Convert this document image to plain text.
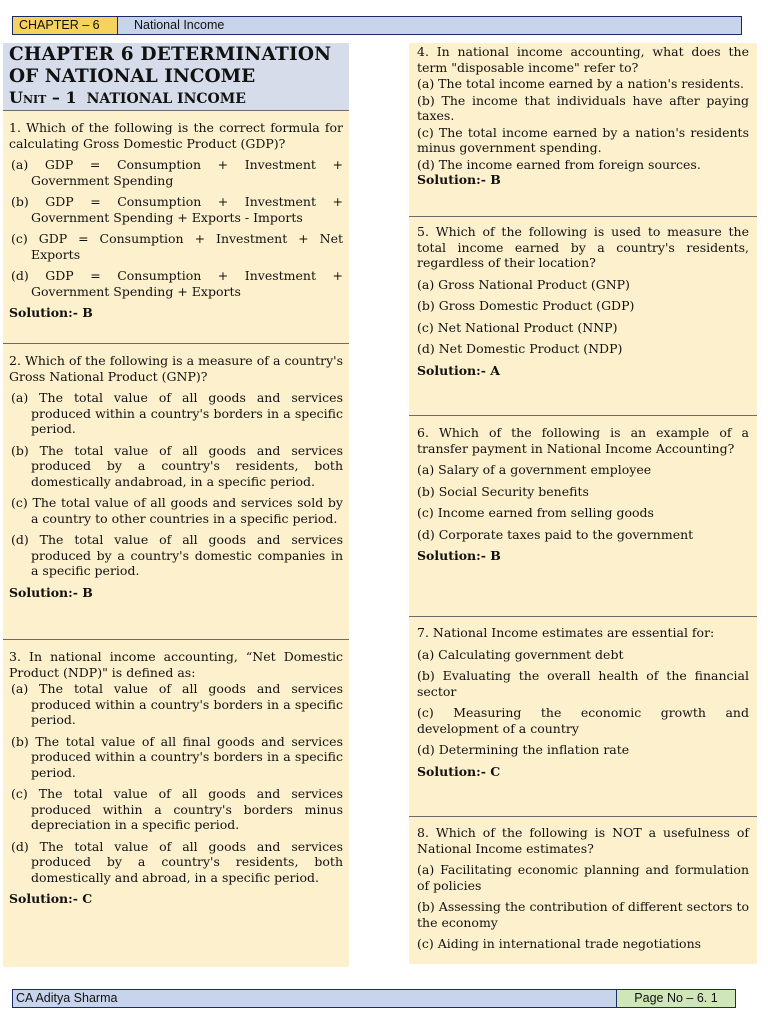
CHAPTER – 6	National Income
CHAPTER 6 DETERMINATION
OF NATIONAL INCOME
Unit – 1 NATIONAL INCOME

1. Which of the following is the correct formula for calculating Gross Domestic Product (GDP)?

(a) GDP = Consumption + Investment + Government Spending

(b) GDP = Consumption + Investment + Government Spending + Exports - Imports

(c) GDP = Consumption + Investment + Net Exports

(d) GDP = Consumption + Investment + Government Spending + Exports

Solution:- B

2. Which of the following is a measure of a country's Gross National Product (GNP)?

(a) The total value of all goods and services produced within a country's borders in a specific period.

(b) The total value of all goods and services produced by a country's residents, both domestically andabroad, in a specific period.

(c) The total value of all goods and services sold by a country to other countries in a specific period.

(d) The total value of all goods and services produced by a country's domestic companies in a specific period.

Solution:- B

3. In national income accounting, “Net Domestic Product (NDP)" is defined as:

(a) The total value of all goods and services produced within a country's borders in a specific period.

(b) The total value of all final goods and services produced within a country's borders in a specific period.

(c) The total value of all goods and services produced within a country's borders minus depreciation in a specific period.

(d) The total value of all goods and services produced by a country's residents, both domestically and abroad, in a specific period.

Solution:- C

4. In national income accounting, what does the term "disposable income" refer to?

(a) The total income earned by a nation's residents.

(b) The income that individuals have after paying taxes.

(c) The total income earned by a nation's residents minus government spending.

(d) The income earned from foreign sources.

Solution:- B

5. Which of the following is used to measure the total income earned by a country's residents, regardless of their location?

(a) Gross National Product (GNP)

(b) Gross Domestic Product (GDP)

(c) Net National Product (NNP)

(d) Net Domestic Product (NDP)

Solution:- A

6. Which of the following is an example of a transfer payment in National Income Accounting?

(a) Salary of a government employee

(b) Social Security benefits

(c) Income earned from selling goods

(d) Corporate taxes paid to the government

Solution:- B

7. National Income estimates are essential for:

(a) Calculating government debt

(b) Evaluating the overall health of the financial sector

(c) Measuring the economic growth and development of a country

(d) Determining the inflation rate

Solution:- C

8. Which of the following is NOT a usefulness of National Income estimates?

(a) Facilitating economic planning and formulation of policies

(b) Assessing the contribution of different sectors to the economy

(c) Aiding in international trade negotiations

CA Aditya Sharma	Page No – 6. 1
